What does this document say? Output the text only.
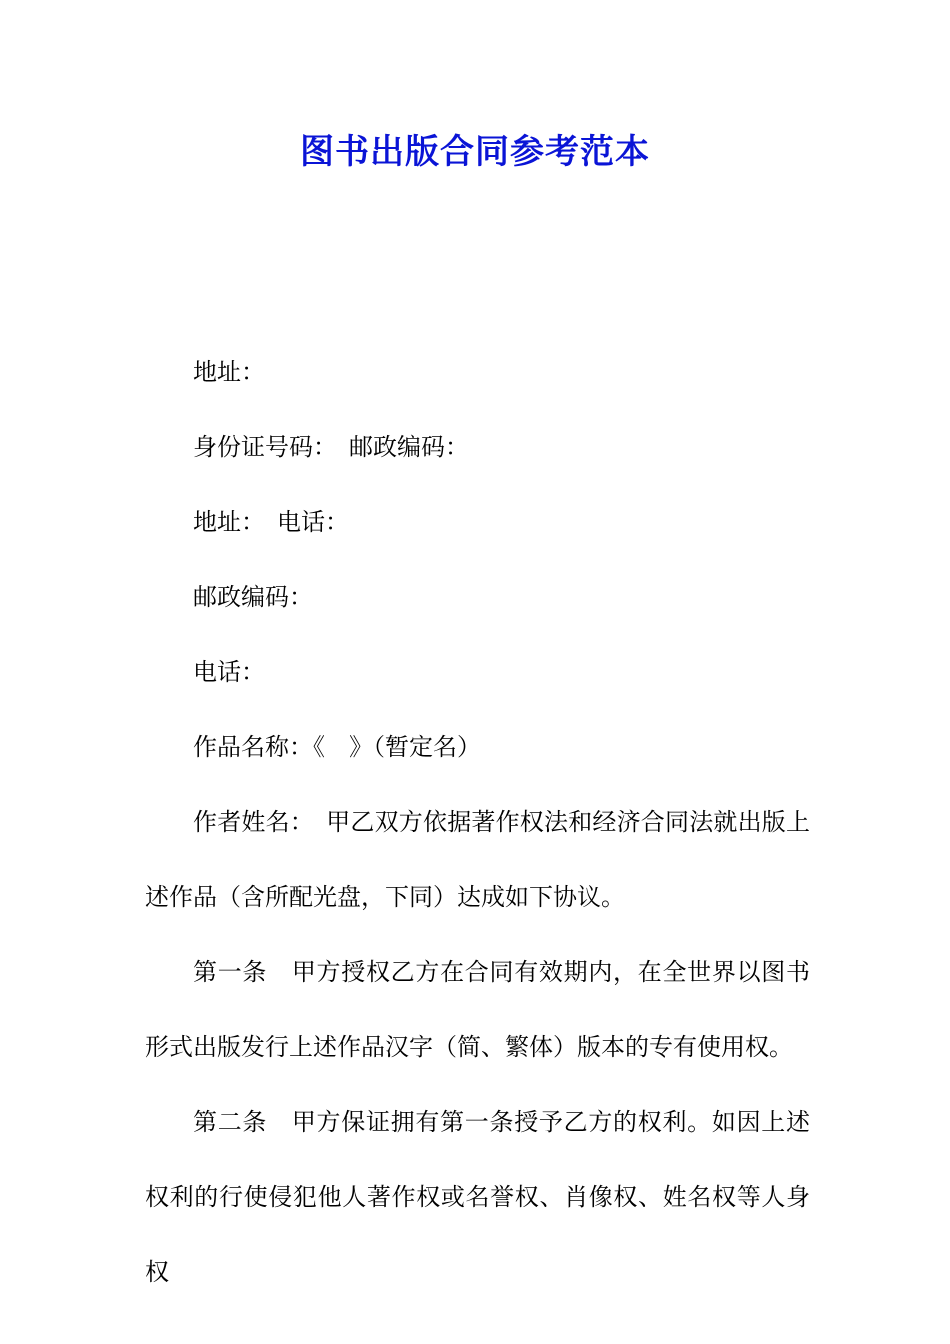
图书出版合同参考范本

地址：

身份证号码：　邮政编码：

地址：　电话：

邮政编码：

电话：

作品名称：《　》（暂定名）

作者姓名：　甲乙双方依据著作权法和经济合同法就出版上述作品（含所配光盘，下同）达成如下协议。

第一条　甲方授权乙方在合同有效期内，在全世界以图书形式出版发行上述作品汉字（简、繁体）版本的专有使用权。

第二条　甲方保证拥有第一条授予乙方的权利。如因上述权利的行使侵犯他人著作权或名誉权、肖像权、姓名权等人身权
